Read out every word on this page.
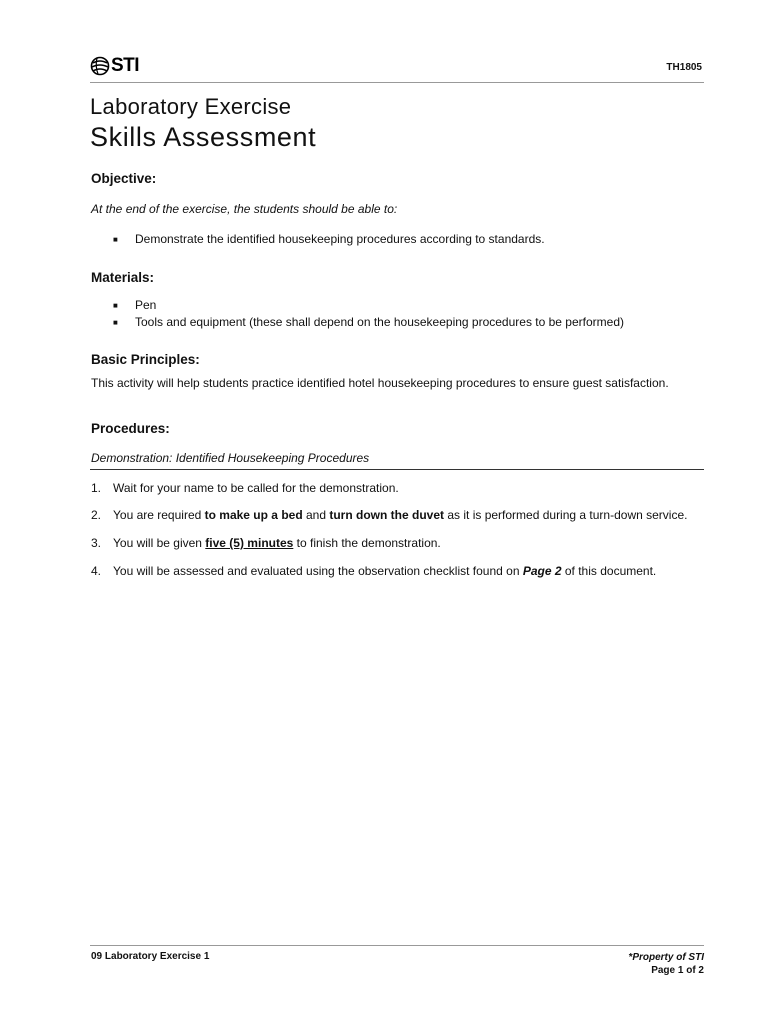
STI	TH1805
Laboratory Exercise
Skills Assessment
Objective:
At the end of the exercise, the students should be able to:
■	Demonstrate the identified housekeeping procedures according to standards.
Materials:
■	Pen
■	Tools and equipment (these shall depend on the housekeeping procedures to be performed)
Basic Principles:
This activity will help students practice identified hotel housekeeping procedures to ensure guest satisfaction.
Procedures:
Demonstration: Identified Housekeeping Procedures
1. Wait for your name to be called for the demonstration.
2. You are required to make up a bed and turn down the duvet as it is performed during a turn-down service.
3. You will be given five (5) minutes to finish the demonstration.
4. You will be assessed and evaluated using the observation checklist found on Page 2 of this document.
09 Laboratory Exercise 1	*Property of STI
Page 1 of 2
